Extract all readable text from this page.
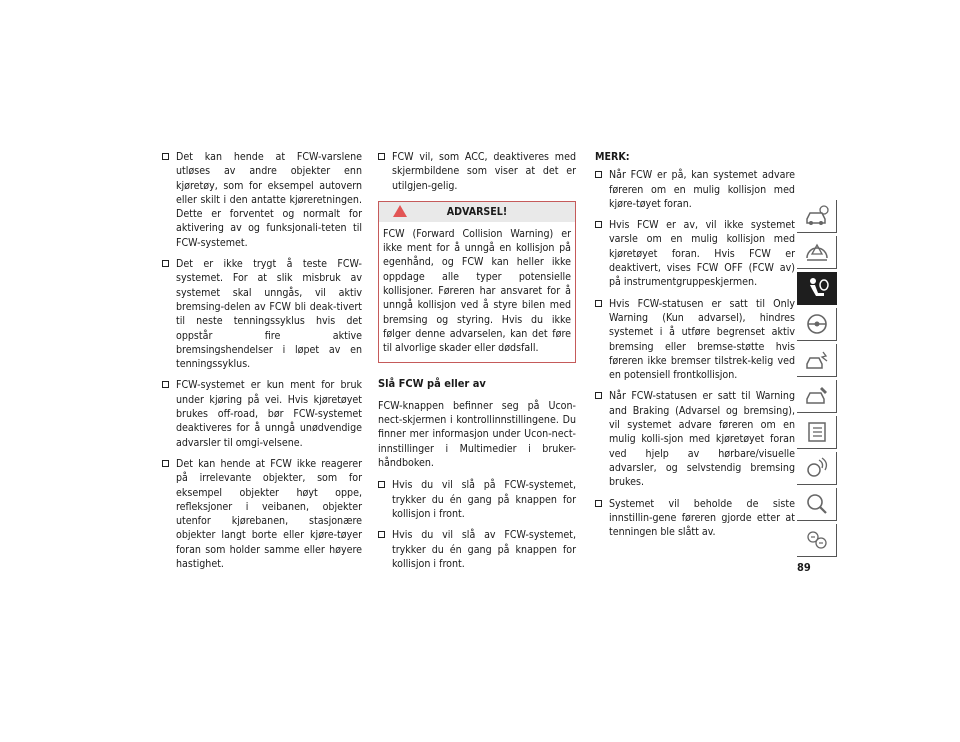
Det kan hende at FCW-varslene utløses av andre objekter enn kjøretøy, som for eksempel autovern eller skilt i den antatte kjøreretningen. Dette er forventet og normalt for aktivering av og funksjonali-teten til FCW-systemet.
Det er ikke trygt å teste FCW-systemet. For at slik misbruk av systemet skal unngås, vil aktiv bremsing-delen av FCW bli deak-tivert til neste tenningssyklus hvis det oppstår fire aktive bremsingshendelser i løpet av en tenningssyklus.
FCW-systemet er kun ment for bruk under kjøring på vei. Hvis kjøretøyet brukes off-road, bør FCW-systemet deaktiveres for å unngå unødvendige advarsler til omgi-velsene.
Det kan hende at FCW ikke reagerer på irrelevante objekter, som for eksempel objekter høyt oppe, refleksjoner i veibanen, objekter utenfor kjørebanen, stasjonære objekter langt borte eller kjøre-tøyer foran som holder samme eller høyere hastighet.
FCW vil, som ACC, deaktiveres med skjermbildene som viser at det er utilgjen-gelig.
ADVARSEL!
FCW (Forward Collision Warning) er ikke ment for å unngå en kollisjon på egenhånd, og FCW kan heller ikke oppdage alle typer potensielle kollisjoner. Føreren har ansvaret for å unngå kollisjon ved å styre bilen med bremsing og styring. Hvis du ikke følger denne advarselen, kan det føre til alvorlige skader eller dødsfall.
Slå FCW på eller av

FCW-knappen befinner seg på Ucon-nect-skjermen i kontrollinnstillingene. Du finner mer informasjon under Ucon-nect-innstillinger i Multimedier i bruker-håndboken.

Hvis du vil slå på FCW-systemet, trykker du én gang på knappen for kollisjon i front.
Hvis du vil slå av FCW-systemet, trykker du én gang på knappen for kollisjon i front.
MERK:
Når FCW er på, kan systemet advare føreren om en mulig kollisjon med kjøre-tøyet foran.
Hvis FCW er av, vil ikke systemet varsle om en mulig kollisjon med kjøretøyet foran. Hvis FCW er deaktivert, vises FCW OFF (FCW av) på instrumentgruppeskjermen.
Hvis FCW-statusen er satt til Only Warning (Kun advarsel), hindres systemet i å utføre begrenset aktiv bremsing eller bremse-støtte hvis føreren ikke bremser tilstrek-kelig ved en potensiell frontkollisjon.
Når FCW-statusen er satt til Warning and Braking (Advarsel og bremsing), vil systemet advare føreren om en mulig kolli-sjon med kjøretøyet foran ved hjelp av hørbare/visuelle advarsler, og selvstendig bremsing brukes.
Systemet vil beholde de siste innstillin-gene føreren gjorde etter at tenningen ble slått av.
89
